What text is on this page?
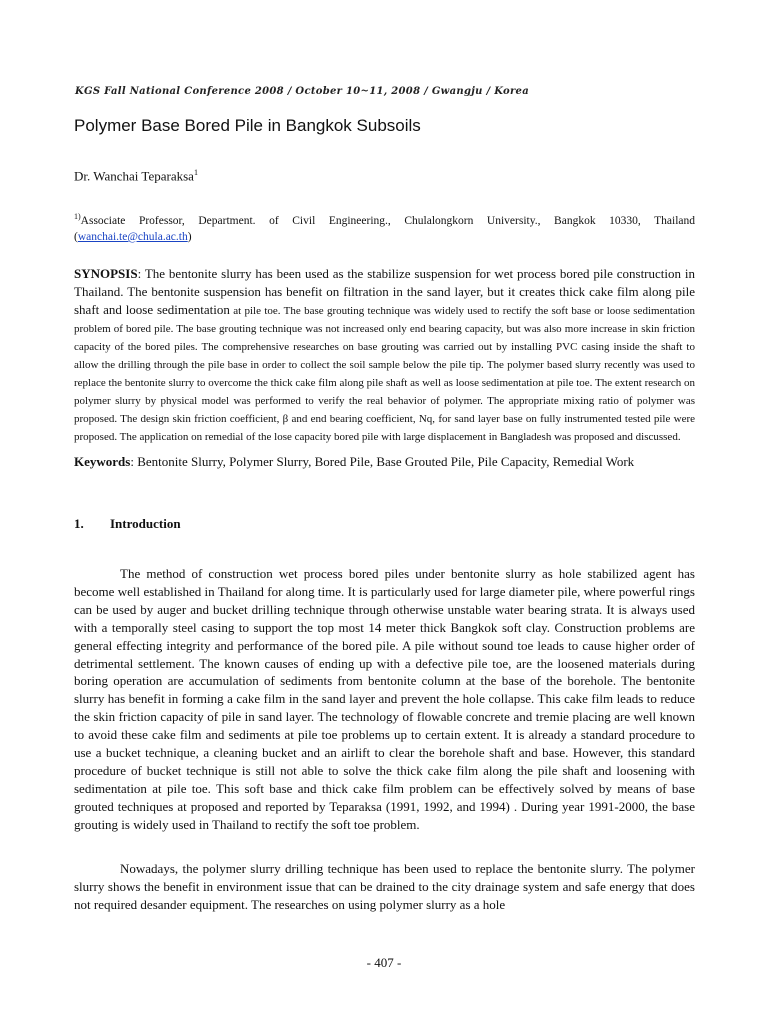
KGS Fall National Conference 2008 / October 10~11, 2008 / Gwangju / Korea
Polymer Base Bored Pile in Bangkok Subsoils
Dr. Wanchai Teparaksa$^1$
$^{1)}$Associate Professor, Department. of Civil Engineering., Chulalongkorn University., Bangkok 10330, Thailand (wanchai.te@chula.ac.th)
SYNOPSIS: The bentonite slurry has been used as the stabilize suspension for wet process bored pile construction in Thailand. The bentonite suspension has benefit on filtration in the sand layer, but it creates thick cake film along pile shaft and loose sedimentation at pile toe. The base grouting technique was widely used to rectify the soft base or loose sedimentation problem of bored pile. The base grouting technique was not increased only end bearing capacity, but was also more increase in skin friction capacity of the bored piles. The comprehensive researches on base grouting was carried out by installing PVC casing inside the shaft to allow the drilling through the pile base in order to collect the soil sample below the pile tip. The polymer based slurry recently was used to replace the bentonite slurry to overcome the thick cake film along pile shaft as well as loose sedimentation at pile toe. The extent research on polymer slurry by physical model was performed to verify the real behavior of polymer. The appropriate mixing ratio of polymer was proposed. The design skin friction coefficient, β and end bearing coefficient, Nq, for sand layer base on fully instrumented tested pile were proposed. The application on remedial of the lose capacity bored pile with large displacement in Bangladesh was proposed and discussed.
Keywords: Bentonite Slurry, Polymer Slurry, Bored Pile, Base Grouted Pile, Pile Capacity, Remedial Work
1. Introduction
The method of construction wet process bored piles under bentonite slurry as hole stabilized agent has become well established in Thailand for along time. It is particularly used for large diameter pile, where powerful rings can be used by auger and bucket drilling technique through otherwise unstable water bearing strata. It is always used with a temporally steel casing to support the top most 14 meter thick Bangkok soft clay. Construction problems are general effecting integrity and performance of the bored pile. A pile without sound toe leads to cause higher order of detrimental settlement. The known causes of ending up with a defective pile toe, are the loosened materials during boring operation are accumulation of sediments from bentonite column at the base of the borehole. The bentonite slurry has benefit in forming a cake film in the sand layer and prevent the hole collapse. This cake film leads to reduce the skin friction capacity of pile in sand layer. The technology of flowable concrete and tremie placing are well known to avoid these cake film and sediments at pile toe problems up to certain extent. It is already a standard procedure to use a bucket technique, a cleaning bucket and an airlift to clear the borehole shaft and base. However, this standard procedure of bucket technique is still not able to solve the thick cake film along the pile shaft and loosening with sedimentation at pile toe. This soft base and thick cake film problem can be effectively solved by means of base grouted techniques at proposed and reported by Teparaksa (1991, 1992, and 1994) . During year 1991-2000, the base grouting is widely used in Thailand to rectify the soft toe problem.
Nowadays, the polymer slurry drilling technique has been used to replace the bentonite slurry. The polymer slurry shows the benefit in environment issue that can be drained to the city drainage system and safe energy that does not required desander equipment. The researches on using polymer slurry as a hole
- 407 -
